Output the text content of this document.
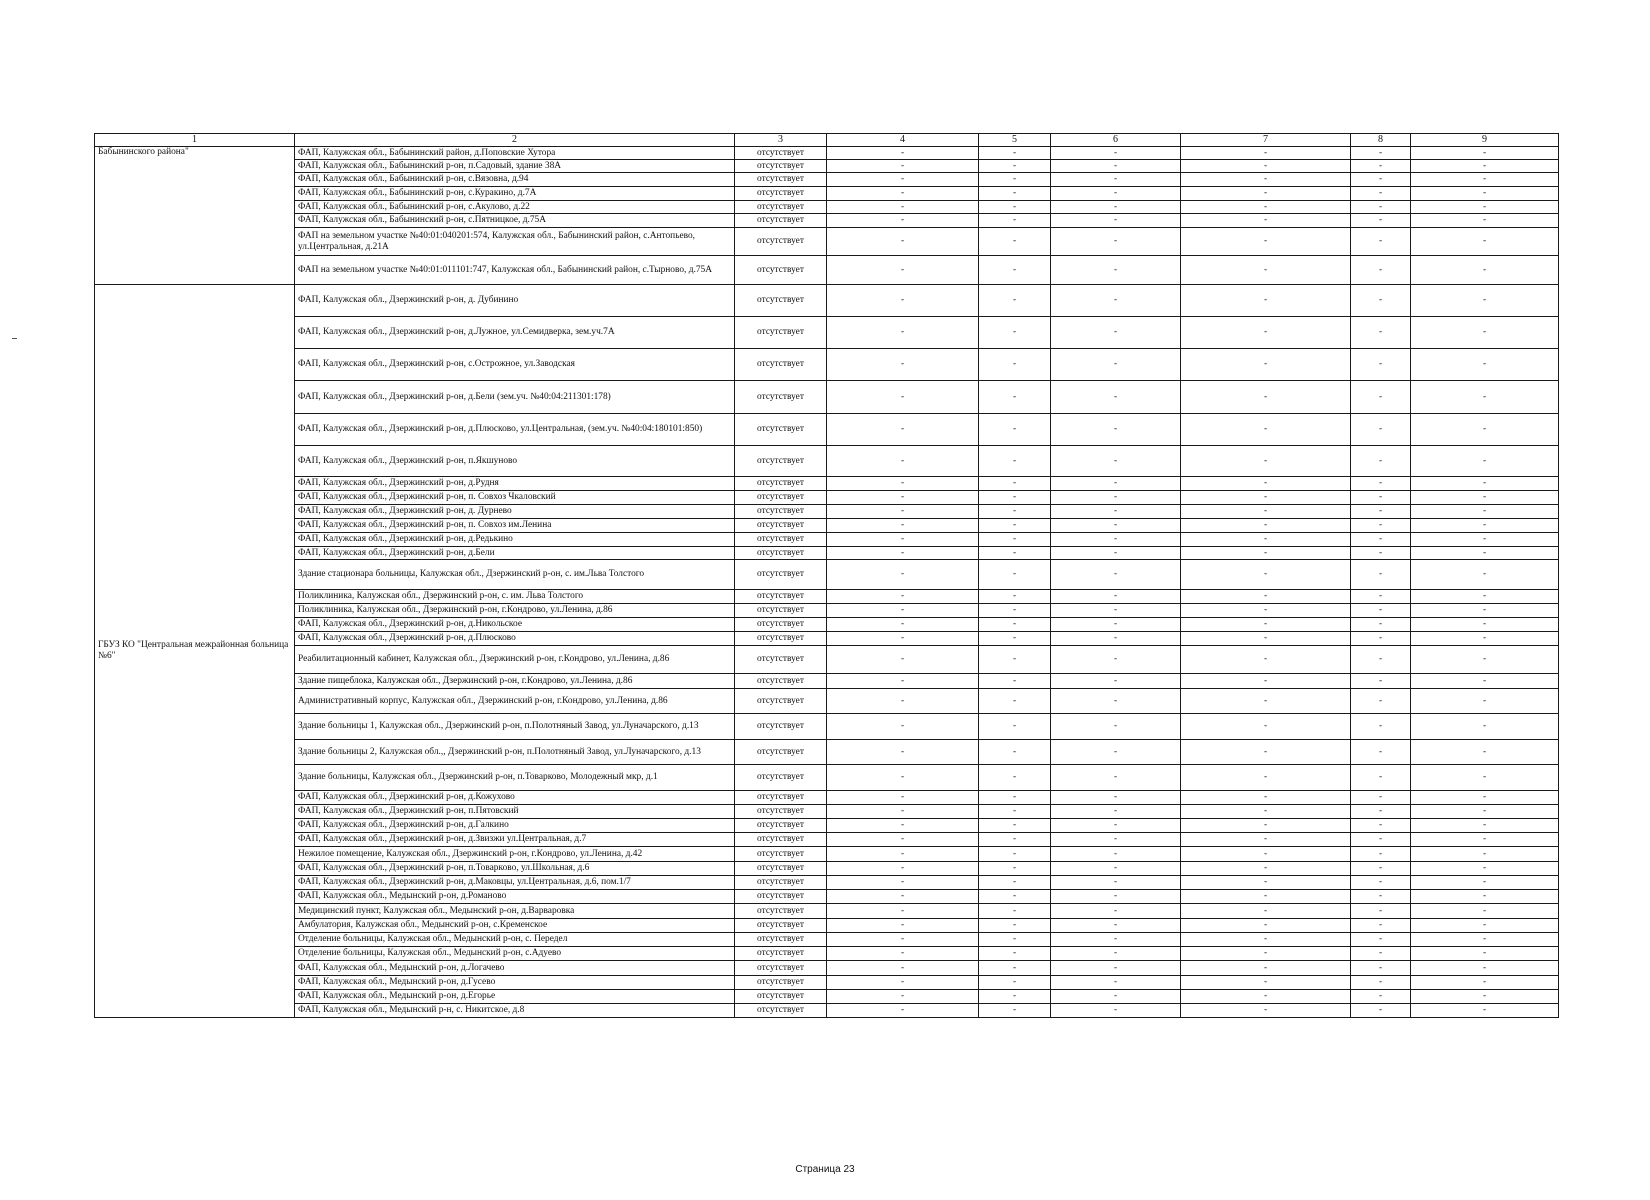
1	2	3	4	5	6	7	8	9
Бабынинского района"	ФАП, Калужская обл., Бабынинский район, д.Поповские Хутора	отсутствует	-	-	-	-	-	-
	ФАП, Калужская обл., Бабынинский р-он, п.Садовый, здание 38А	отсутствует	-	-	-	-	-	-
	ФАП, Калужская обл., Бабынинский р-он, с.Вязовна, д.94	отсутствует	-	-	-	-	-	-
	ФАП, Калужская обл., Бабынинский р-он, с.Куракино, д.7А	отсутствует	-	-	-	-	-	-
	ФАП, Калужская обл., Бабынинский р-он, с.Акулово, д.22	отсутствует	-	-	-	-	-	-
	ФАП, Калужская обл., Бабынинский р-он, с.Пятницкое, д.75А	отсутствует	-	-	-	-	-	-
	ФАП на земельном участке №40:01:040201:574, Калужская обл., Бабынинский район, с.Антопьево, ул.Центральная, д.21А	отсутствует	-	-	-	-	-	-
	ФАП на земельном участке №40:01:011101:747, Калужская обл., Бабынинский район, с.Тырново, д.75А	отсутствует	-	-	-	-	-	-
ГБУЗ КО "Центральная межрайонная больница №6"	ФАП, Калужская обл., Дзержинский р-он, д. Дубинино	отсутствует	-	-	-	-	-	-
	ФАП, Калужская обл., Дзержинский р-он, д.Лужное, ул.Семидверка, зем.уч.7А	отсутствует	-	-	-	-	-	-
	ФАП, Калужская обл., Дзержинский р-он, с.Острожное, ул.Заводская	отсутствует	-	-	-	-	-	-
	ФАП, Калужская обл., Дзержинский р-он, д.Бели (зем.уч. №40:04:211301:178)	отсутствует	-	-	-	-	-	-
	ФАП, Калужская обл., Дзержинский р-он, д.Плюсково, ул.Центральная, (зем.уч. №40:04:180101:850)	отсутствует	-	-	-	-	-	-
	ФАП, Калужская обл., Дзержинский р-он, п.Якшуново	отсутствует	-	-	-	-	-	-
	ФАП, Калужская обл., Дзержинский р-он, д.Рудня	отсутствует	-	-	-	-	-	-
	ФАП, Калужская обл., Дзержинский р-он, п. Совхоз Чкаловский	отсутствует	-	-	-	-	-	-
	ФАП, Калужская обл., Дзержинский р-он, д. Дурнево	отсутствует	-	-	-	-	-	-
	ФАП, Калужская обл., Дзержинский р-он, п. Совхоз им.Ленина	отсутствует	-	-	-	-	-	-
	ФАП, Калужская обл., Дзержинский р-он, д.Редькино	отсутствует	-	-	-	-	-	-
	ФАП, Калужская обл., Дзержинский р-он, д.Бели	отсутствует	-	-	-	-	-	-
	Здание стационара больницы, Калужская обл., Дзержинский р-он, с. им.Льва Толстого	отсутствует	-	-	-	-	-	-
	Поликлиника, Калужская обл., Дзержинский р-он, с. им. Льва Толстого	отсутствует	-	-	-	-	-	-
	Поликлиника, Калужская обл., Дзержинский р-он, г.Кондрово, ул.Ленина, д.86	отсутствует	-	-	-	-	-	-
	ФАП, Калужская обл., Дзержинский р-он, д.Никольское	отсутствует	-	-	-	-	-	-
	ФАП, Калужская обл., Дзержинский р-он, д.Плюсково	отсутствует	-	-	-	-	-	-
	Реабилитационный кабинет, Калужская обл., Дзержинский р-он, г.Кондрово, ул.Ленина, д.86	отсутствует	-	-	-	-	-	-
	Здание пищеблока, Калужская обл., Дзержинский р-он, г.Кондрово, ул.Ленина, д.86	отсутствует	-	-	-	-	-	-
	Административный корпус, Калужская обл., Дзержинский р-он, г.Кондрово, ул.Ленина, д.86	отсутствует	-	-	-	-	-	-
	Здание больницы 1, Калужская обл., Дзержинский р-он, п.Полотняный Завод, ул.Луначарского, д.13	отсутствует	-	-	-	-	-	-
	Здание больницы 2, Калужская обл.,, Дзержинский р-он, п.Полотняный Завод, ул.Луначарского, д.13	отсутствует	-	-	-	-	-	-
	Здание больницы, Калужская обл., Дзержинский р-он, п.Товарково, Молодежный мкр, д.1	отсутствует	-	-	-	-	-	-
	ФАП, Калужская обл., Дзержинский р-он, д.Кожухово	отсутствует	-	-	-	-	-	-
	ФАП, Калужская обл., Дзержинский р-он, п.Пятовский	отсутствует	-	-	-	-	-	-
	ФАП, Калужская обл., Дзержинский р-он, д.Галкино	отсутствует	-	-	-	-	-	-
	ФАП, Калужская обл., Дзержинский р-он, д.Звизжи ул.Центральная, д.7	отсутствует	-	-	-	-	-	-
	Нежилое помещение, Калужская обл., Дзержинский р-он, г.Кондрово, ул.Ленина, д.42	отсутствует	-	-	-	-	-	-
	ФАП, Калужская обл., Дзержинский р-он, п.Товарково, ул.Школьная, д.6	отсутствует	-	-	-	-	-	-
	ФАП, Калужская обл., Дзержинский р-он, д.Маковцы, ул.Центральная, д.6, пом.1/7	отсутствует	-	-	-	-	-	-
	ФАП, Калужская обл., Медынский р-он, д.Романово	отсутствует	-	-	-	-	-	-
	Медицинский пункт, Калужская обл., Медынский р-он, д.Варваровка	отсутствует	-	-	-	-	-	-
	Амбулатория, Калужская обл., Медынский р-он, с.Кременское	отсутствует	-	-	-	-	-	-
	Отделение больницы, Калужская обл., Медынский р-он, с. Передел	отсутствует	-	-	-	-	-	-
	Отделение больницы, Калужская обл., Медынский р-он, с.Адуево	отсутствует	-	-	-	-	-	-
	ФАП, Калужская обл., Медынский р-он, д.Логачево	отсутствует	-	-	-	-	-	-
	ФАП, Калужская обл., Медынский р-он, д.Гусево	отсутствует	-	-	-	-	-	-
	ФАП, Калужская обл., Медынский р-он, д.Егорье	отсутствует	-	-	-	-	-	-
	ФАП, Калужская обл., Медынский р-н, с. Никитское, д.8	отсутствует	-	-	-	-	-	-
Страница 23
